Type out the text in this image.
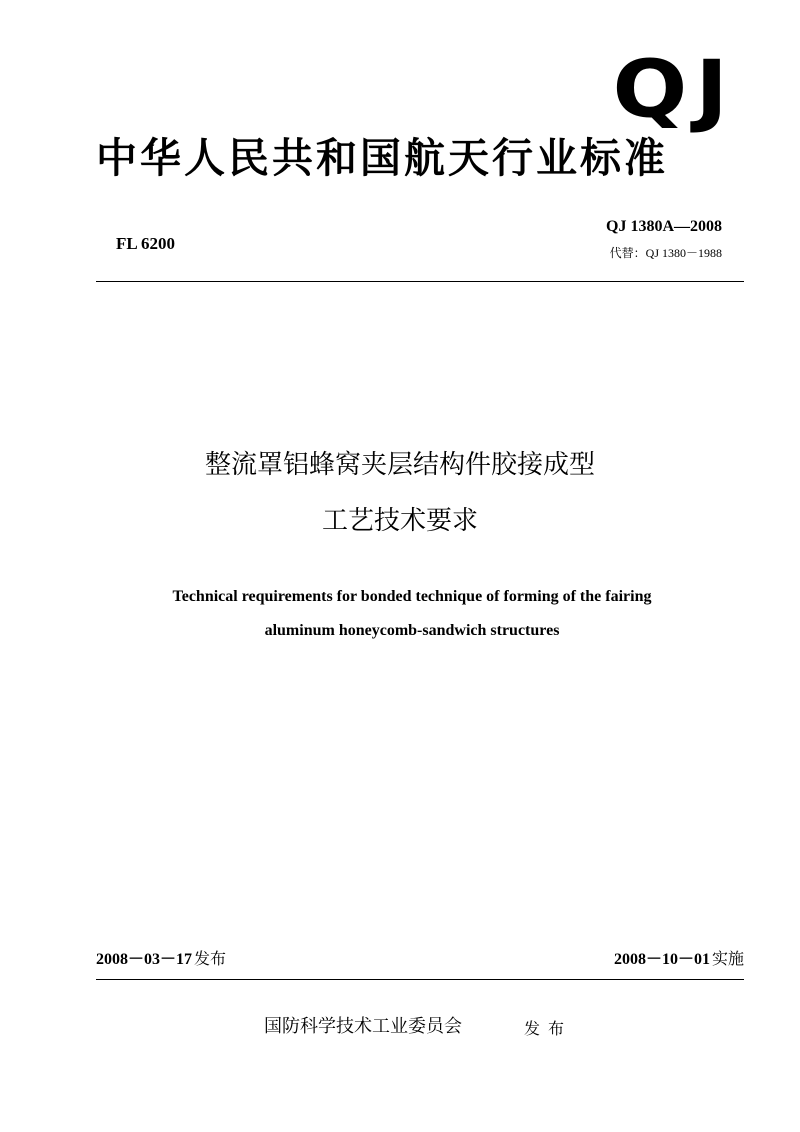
QJ
中华人民共和国航天行业标准
FL 6200
QJ 1380A—2008
代替：QJ 1380－1988
整流罩铝蜂窝夹层结构件胶接成型
工艺技术要求
Technical requirements for bonded technique of forming of the fairing
aluminum honeycomb-sandwich structures
2008－03－17 发布	2008－10－01 实施
国防科学技术工业委员会	发布
